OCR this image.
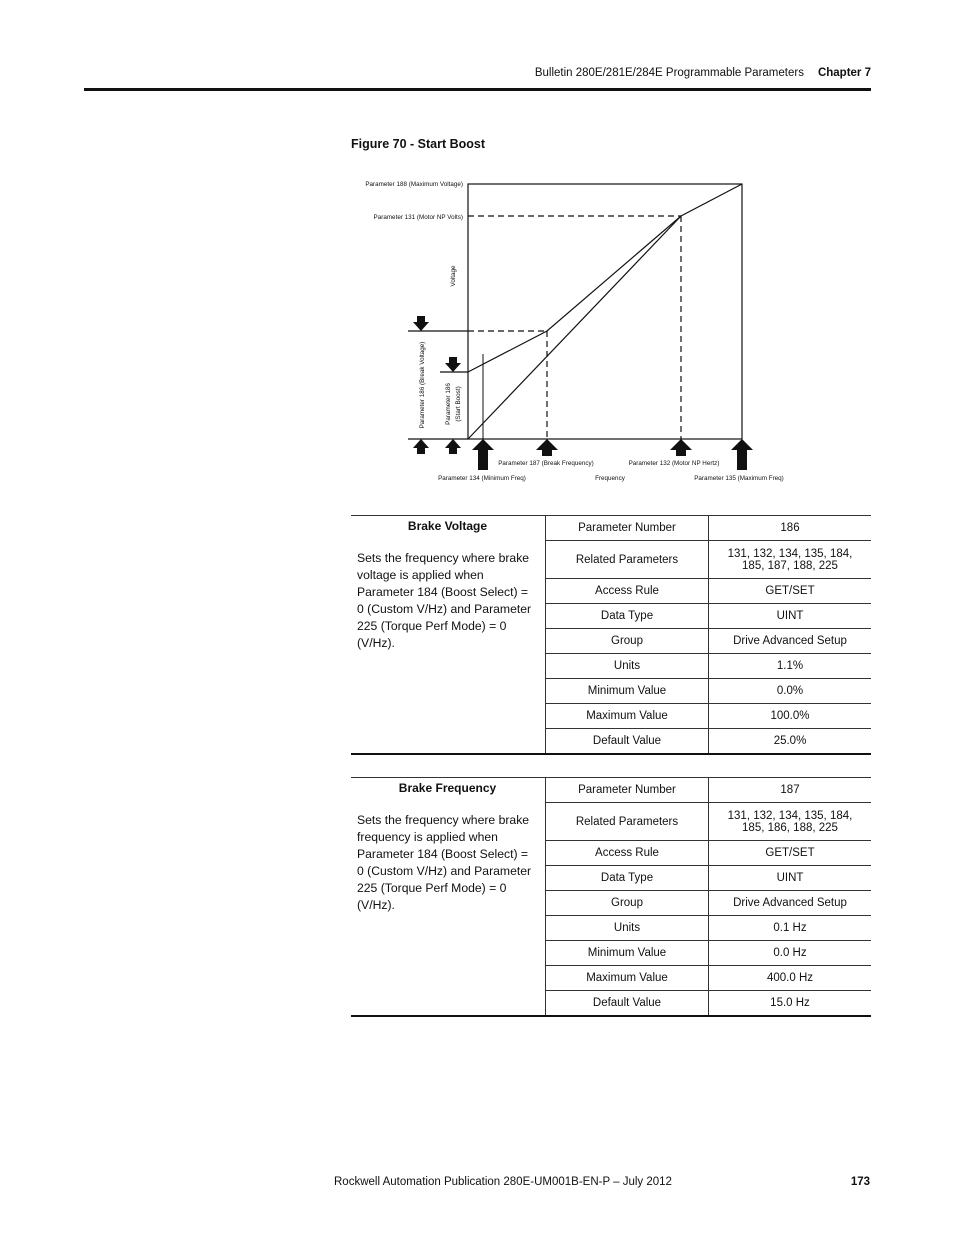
Bulletin 280E/281E/284E Programmable Parameters Chapter 7
Figure 70 - Start Boost
Parameter 188 (Maximum Voltage)
Parameter 131 (Motor NP Volts)
Voltage
Parameter 186 (Break Voltage)	Parameter 186 (Start Boost)
Parameter 187 (Break Frequency)	Parameter 132 (Motor NP Hertz)
Parameter 134 (Minimum Freq)	Frequency	Parameter 135 (Maximum Freq)
Brake Voltage
Sets the frequency where brake voltage is applied when Parameter 184 (Boost Select) = 0 (Custom V/Hz) and Parameter 225 (Torque Perf Mode) = 0 (V/Hz).	Parameter Number	186
	Related Parameters	131, 132, 134, 135, 184, 185, 187, 188, 225
	Access Rule	GET/SET
	Data Type	UINT
	Group	Drive Advanced Setup
	Units	1.1%
	Minimum Value	0.0%
	Maximum Value	100.0%
	Default Value	25.0%
Brake Frequency
Sets the frequency where brake frequency is applied when Parameter 184 (Boost Select) = 0 (Custom V/Hz) and Parameter 225 (Torque Perf Mode) = 0 (V/Hz).	Parameter Number	187
	Related Parameters	131, 132, 134, 135, 184, 185, 186, 188, 225
	Access Rule	GET/SET
	Data Type	UINT
	Group	Drive Advanced Setup
	Units	0.1 Hz
	Minimum Value	0.0 Hz
	Maximum Value	400.0 Hz
	Default Value	15.0 Hz
Rockwell Automation Publication 280E-UM001B-EN-P – July 2012	173
